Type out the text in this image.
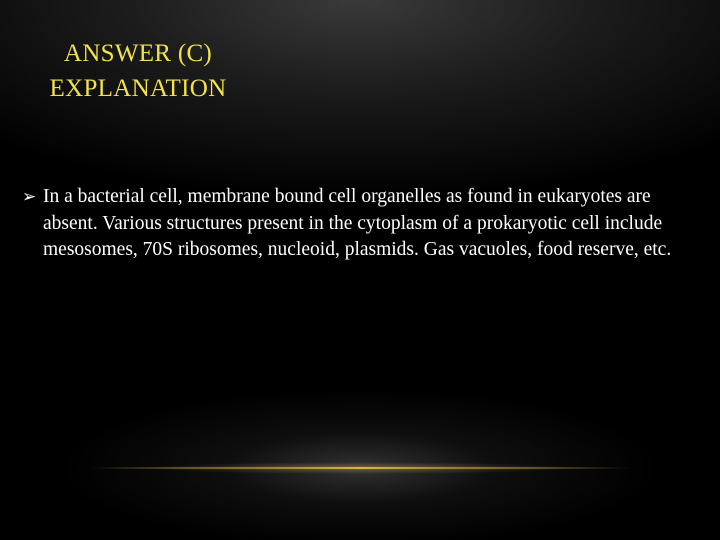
ANSWER (C)
EXPLANATION
➢ In a bacterial cell, membrane bound cell organelles as found in eukaryotes are absent. Various structures present in the cytoplasm of a prokaryotic cell include mesosomes, 70S ribosomes, nucleoid, plasmids. Gas vacuoles, food reserve, etc.
